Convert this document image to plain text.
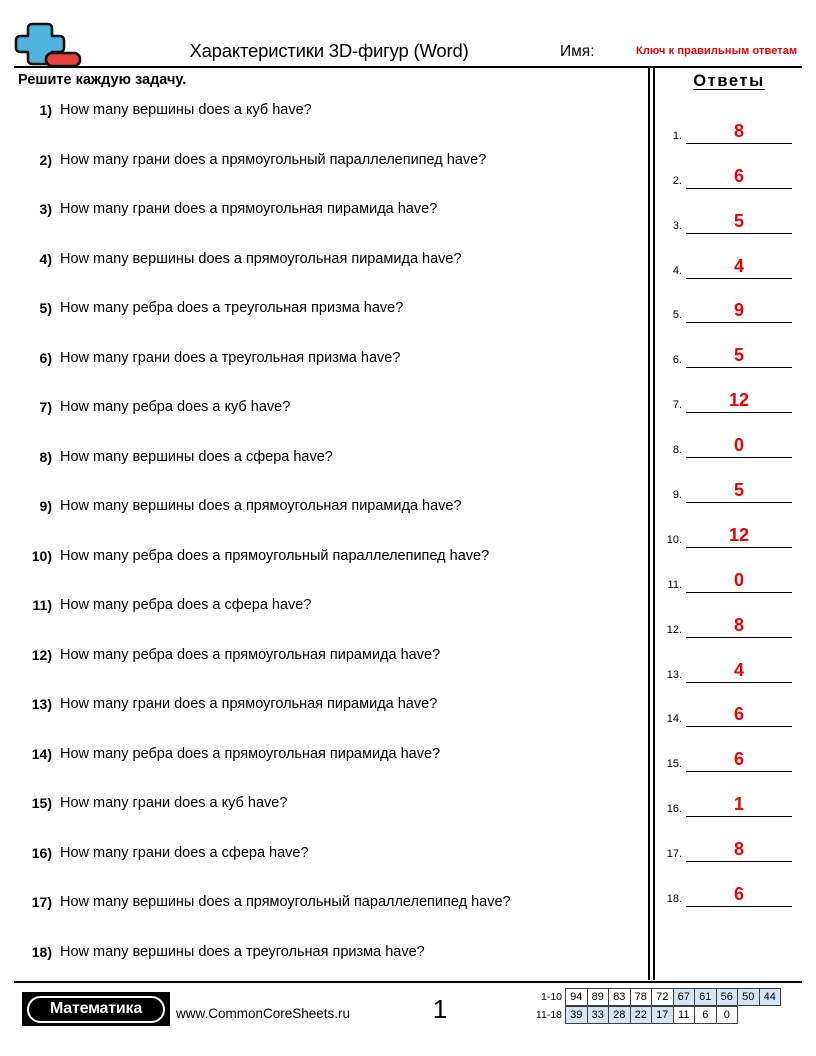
Характеристики 3D-фигур (Word)	Имя:	Ключ к правильным ответам
Решите каждую задачу.
1) How many вершины does a куб have?
2) How many грани does a прямоугольный параллелепипед have?
3) How many грани does a прямоугольная пирамида have?
4) How many вершины does a прямоугольная пирамида have?
5) How many ребра does a треугольная призма have?
6) How many грани does a треугольная призма have?
7) How many ребра does a куб have?
8) How many вершины does a сфера have?
9) How many вершины does a прямоугольная пирамида have?
10) How many ребра does a прямоугольный параллелепипед have?
11) How many ребра does a сфера have?
12) How many ребра does a прямоугольная пирамида have?
13) How many грани does a прямоугольная пирамида have?
14) How many ребра does a прямоугольная пирамида have?
15) How many грани does a куб have?
16) How many грани does a сфера have?
17) How many вершины does a прямоугольный параллелепипед have?
18) How many вершины does a треугольная призма have?
Ответы
1.	8
2.	6
3.	5
4.	4
5.	9
6.	5
7.	12
8.	0
9.	5
10.	12
11.	0
12.	8
13.	4
14.	6
15.	6
16.	1
17.	8
18.	6
Математика	www.CommonCoreSheets.ru	1	1-10 94 89 83 78 72 67 61 56 50 44
11-18 39 33 28 22 17 11	6	0
